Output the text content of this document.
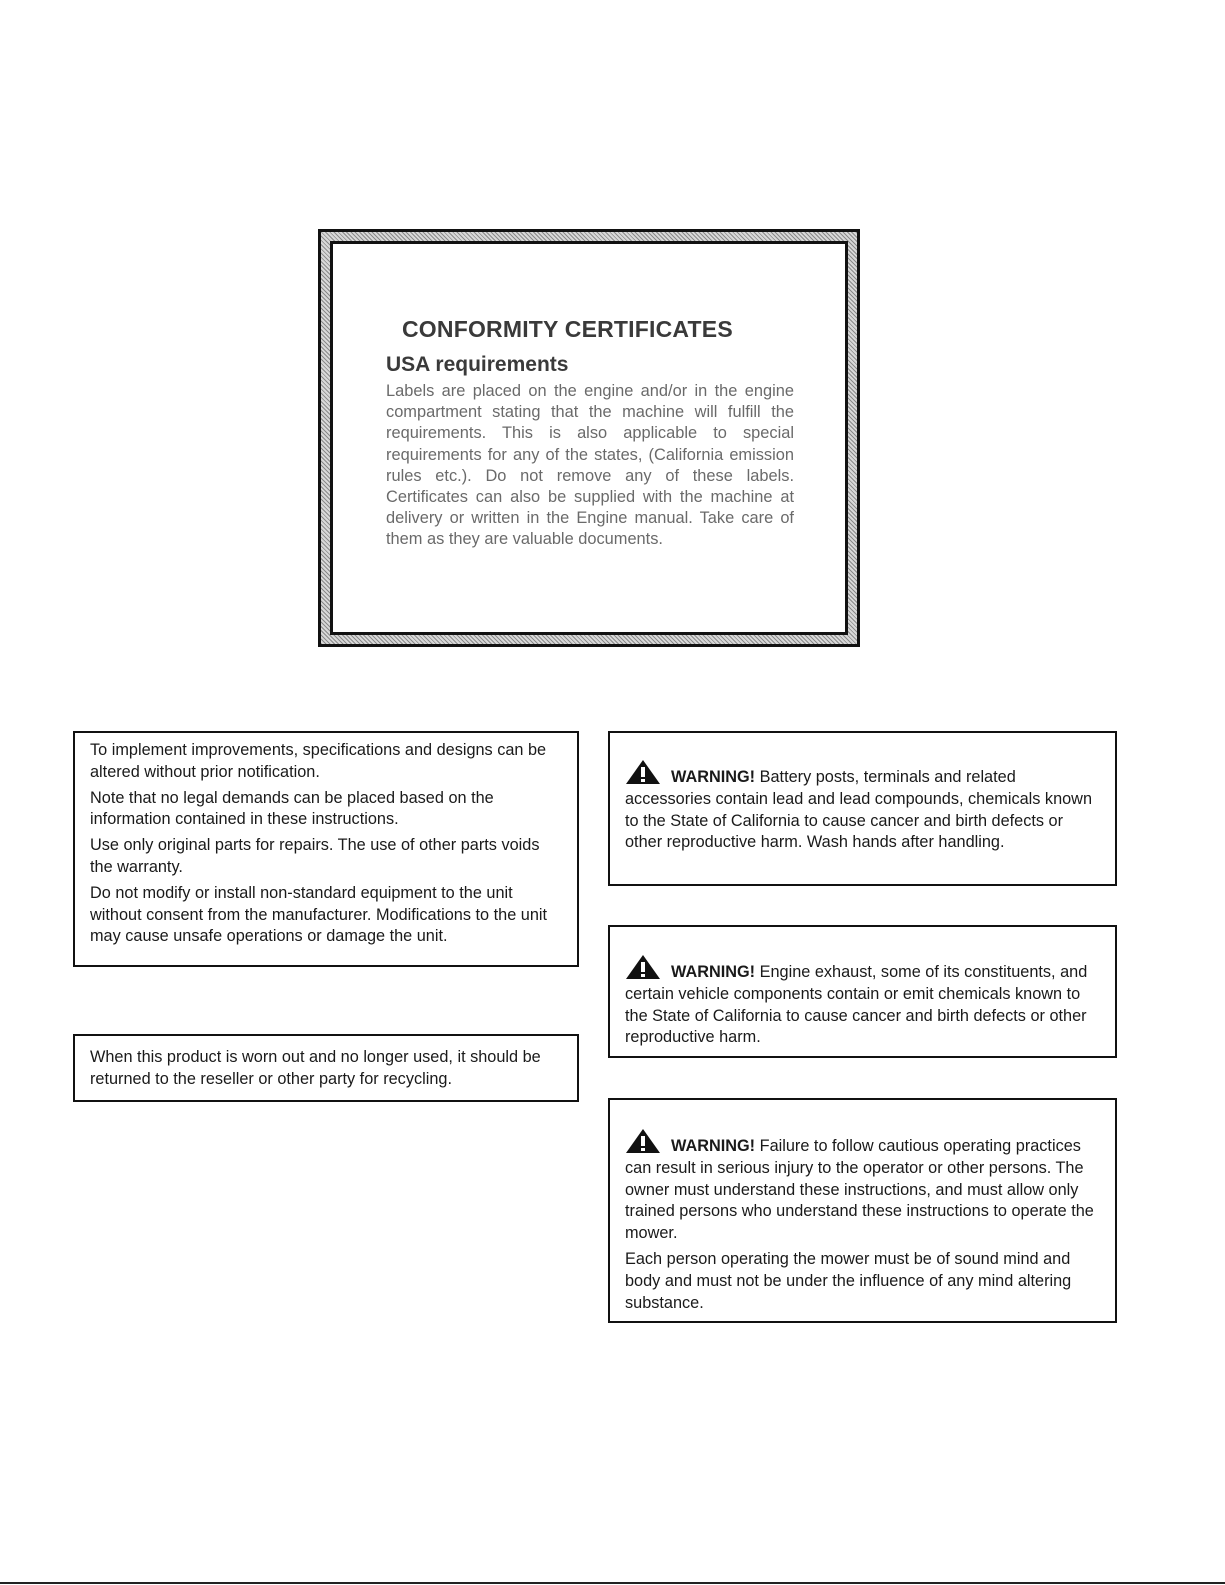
CONFORMITY CERTIFICATES
USA requirements

Labels are placed on the engine and/or in the engine compartment stating that the machine will fulfill the requirements. This is also applicable to special requirements for any of the states, (California emission rules etc.). Do not remove any of these labels. Certificates can also be supplied with the machine at delivery or written in the Engine manual. Take care of them as they are valuable documents.

To implement improvements, specifications and designs can be altered without prior notification.

Note that no legal demands can be placed based on the information contained in these instructions.

Use only original parts for repairs. The use of other parts voids the warranty.

Do not modify or install non-standard equipment to the unit without consent from the manufacturer. Modifications to the unit may cause unsafe operations or damage the unit.

When this product is worn out and no longer used, it should be returned to the reseller or other party for recycling.

WARNING! Battery posts, terminals and related accessories contain lead and lead compounds, chemicals known to the State of California to cause cancer and birth defects or other reproductive harm. Wash hands after handling.

WARNING! Engine exhaust, some of its constituents, and certain vehicle components contain or emit chemicals known to the State of California to cause cancer and birth defects or other reproductive harm.

WARNING! Failure to follow cautious operating practices can result in serious injury to the operator or other persons. The owner must understand these instructions, and must allow only trained persons who understand these instructions to operate the mower.

Each person operating the mower must be of sound mind and body and must not be under the influence of any mind altering substance.
